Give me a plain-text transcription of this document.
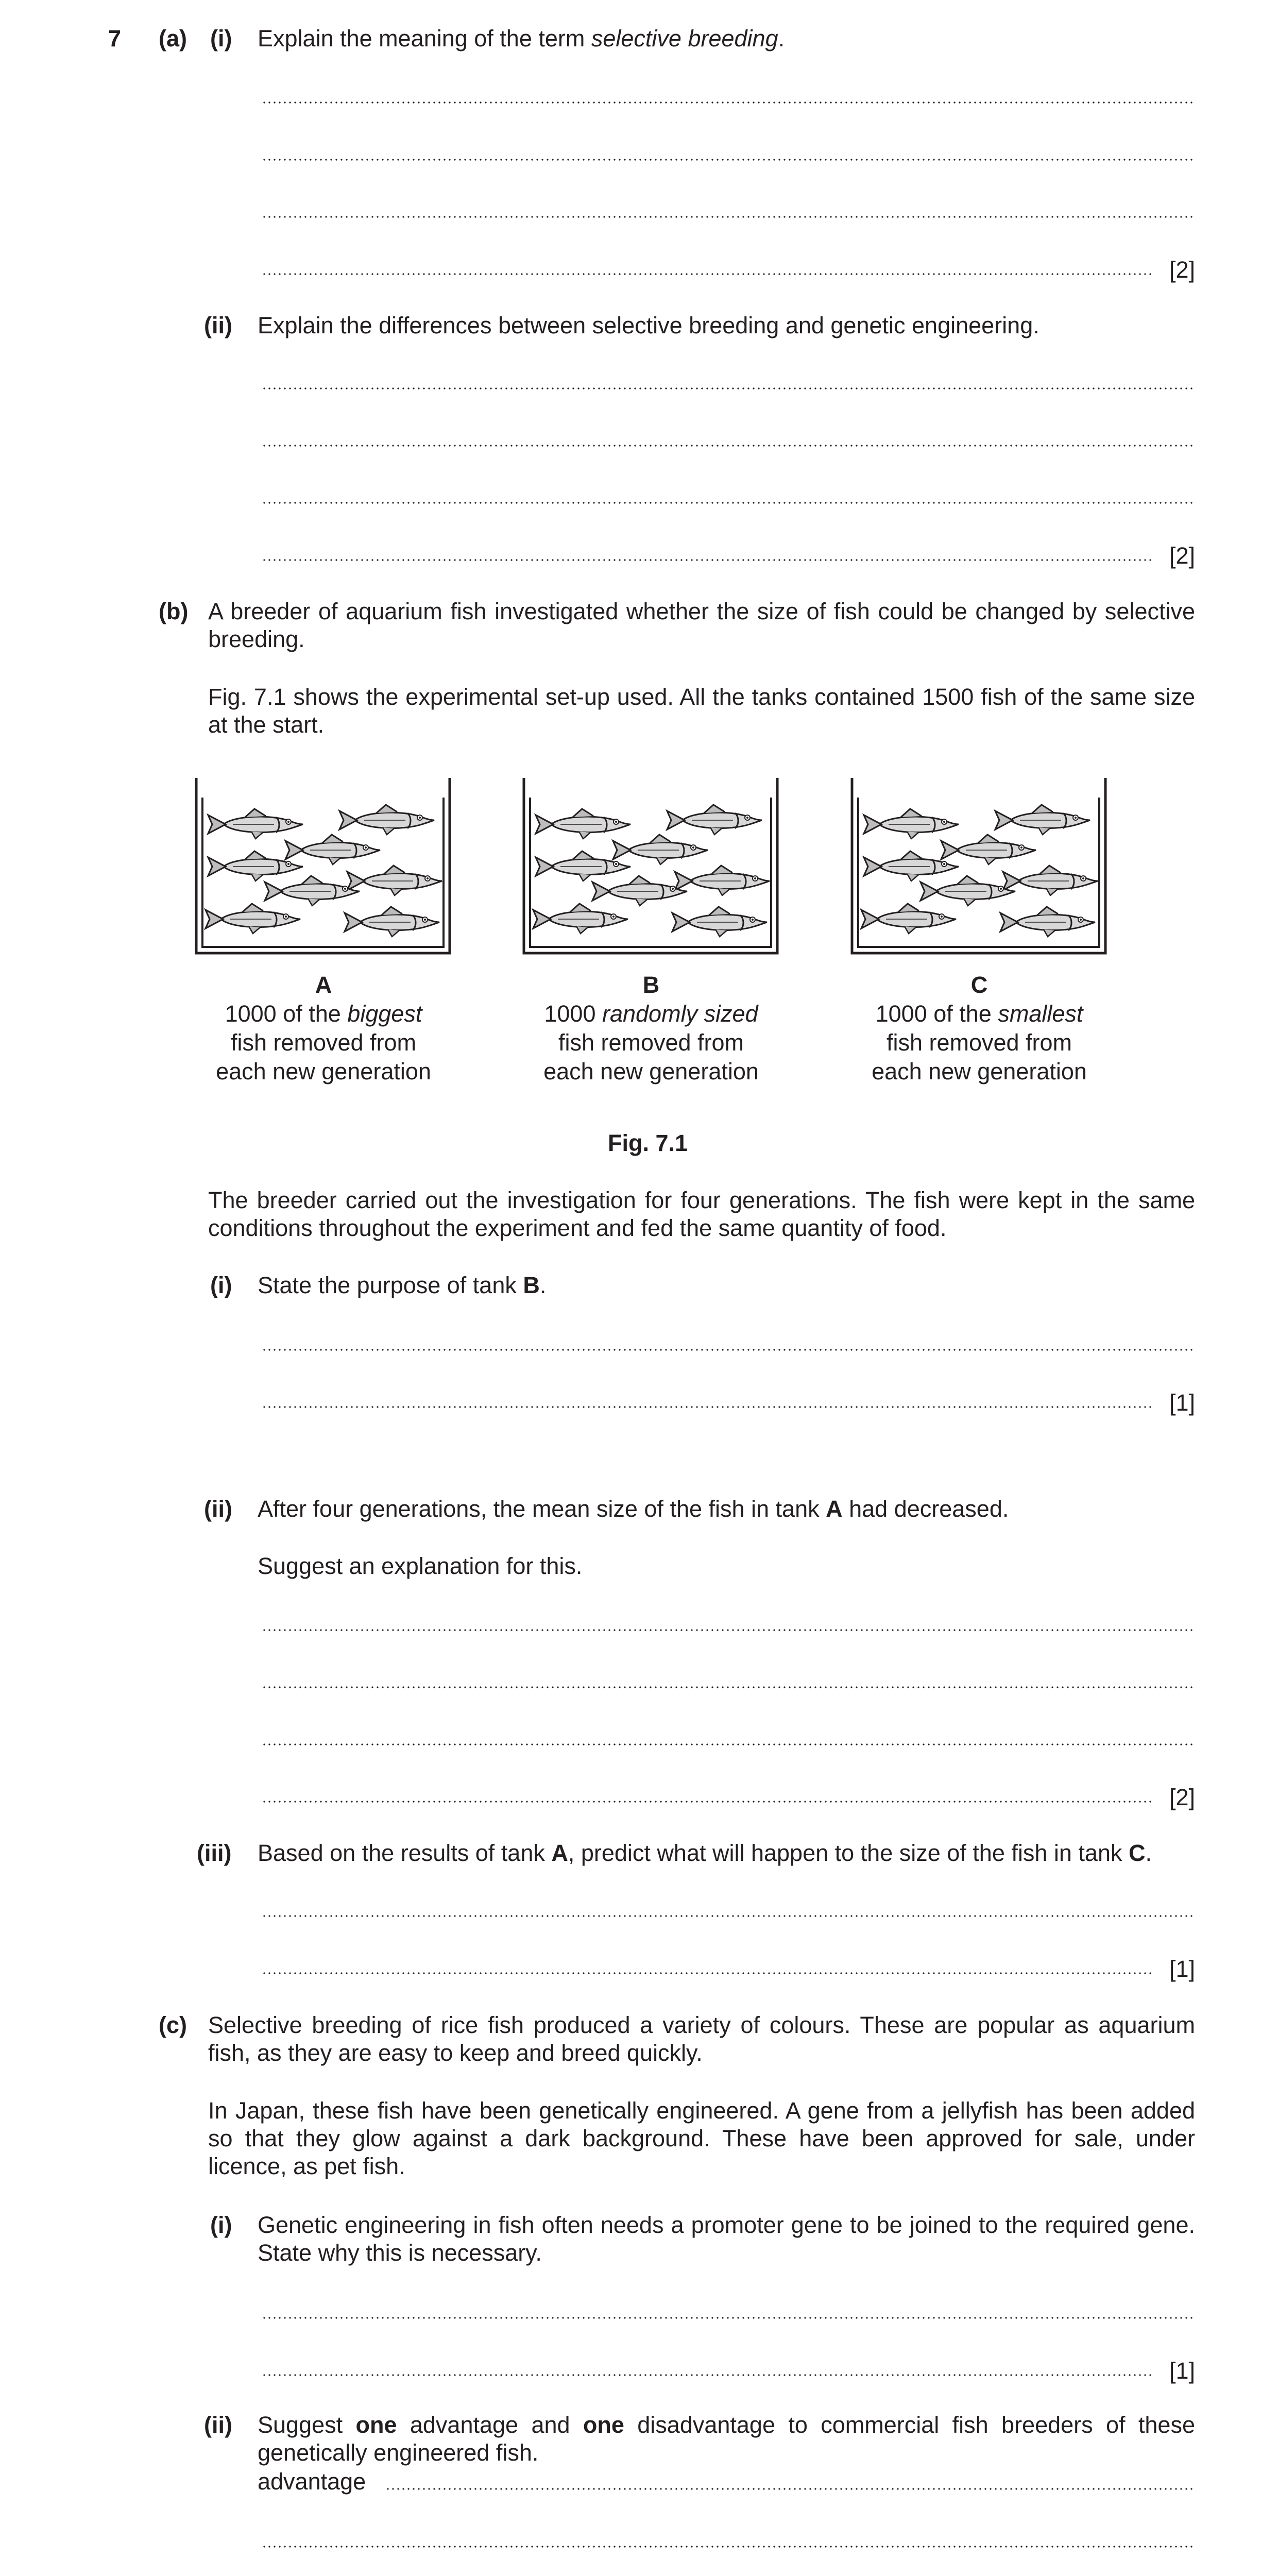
7 (a) (i) Explain the meaning of the term selective breeding.
[2]
(ii) Explain the differences between selective breeding and genetic engineering.
[2]
(b) A breeder of aquarium fish investigated whether the size of fish could be changed by selective breeding.
Fig. 7.1 shows the experimental set-up used. All the tanks contained 1500 fish of the same size at the start.
A
1000 of the biggest
fish removed from
each new generation
B
1000 randomly sized
fish removed from
each new generation
C
1000 of the smallest
fish removed from
each new generation
Fig. 7.1
The breeder carried out the investigation for four generations. The fish were kept in the same conditions throughout the experiment and fed the same quantity of food.
(i) State the purpose of tank B.
[1]
(ii) After four generations, the mean size of the fish in tank A had decreased.
Suggest an explanation for this.
[2]
(iii) Based on the results of tank A, predict what will happen to the size of the fish in tank C.
[1]
(c) Selective breeding of rice fish produced a variety of colours. These are popular as aquarium fish, as they are easy to keep and breed quickly.
In Japan, these fish have been genetically engineered. A gene from a jellyfish has been added so that they glow against a dark background. These have been approved for sale, under licence, as pet fish.
(i) Genetic engineering in fish often needs a promoter gene to be joined to the required gene. State why this is necessary.
[1]
(ii) Suggest one advantage and one disadvantage to commercial fish breeders of these genetically engineered fish.
advantage
